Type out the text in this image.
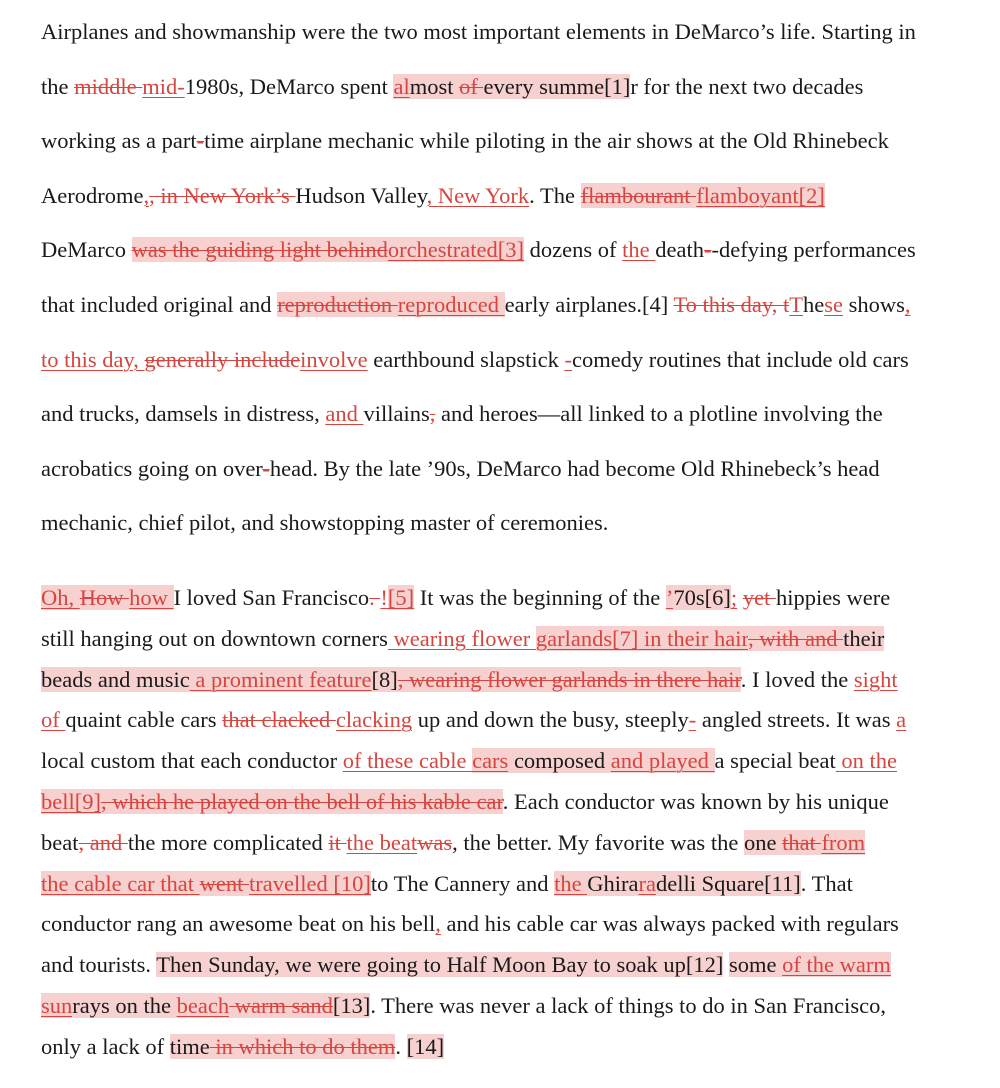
Airplanes and showmanship were the two most important elements in DeMarco’s life. Starting in
the middle mid-1980s, DeMarco spent almost of every summe[1]r for the next two decades
working as a part-time airplane mechanic while piloting in the air shows at the Old Rhinebeck
Aerodrome,, in New York’s Hudson Valley, New York. The flambourant flamboyant[2]
DeMarco was the guiding light behindorchestrated[3] dozens of the death--defying performances
that included original and reproduction reproduced early airplanes.[4] To this day, tThese shows,
to this day, generally includeinvolve earthbound slapstick -comedy routines that include old cars
and trucks, damsels in distress, and villains, and heroes—all linked to a plotline involving the
acrobatics going on over-head. By the late ’90s, DeMarco had become Old Rhinebeck’s head
mechanic, chief pilot, and showstopping master of ceremonies.
Oh, How how I loved San Francisco. ![5] It was the beginning of the ’70s[6]; yet hippies were
still hanging out on downtown corners wearing flower garlands[7] in their hair, with and their
beads and music a prominent feature[8], wearing flower garlands in there hair. I loved the sight
of quaint cable cars that clacked clacking up and down the busy, steeply- angled streets. It was a
local custom that each conductor of these cable cars composed and played a special beat on the
bell[9], which he played on the bell of his kable car. Each conductor was known by his unique
beat, and the more complicated it the beatwas, the better. My favorite was the one that from
the cable car that went travelled [10]to The Cannery and the Ghiraradelli Square[11]. That
conductor rang an awesome beat on his bell, and his cable car was always packed with regulars
and tourists. Then Sunday, we were going to Half Moon Bay to soak up[12] some of the warm
sunrays on the beach warm sand[13]. There was never a lack of things to do in San Francisco,
only a lack of time in which to do them. [14]
